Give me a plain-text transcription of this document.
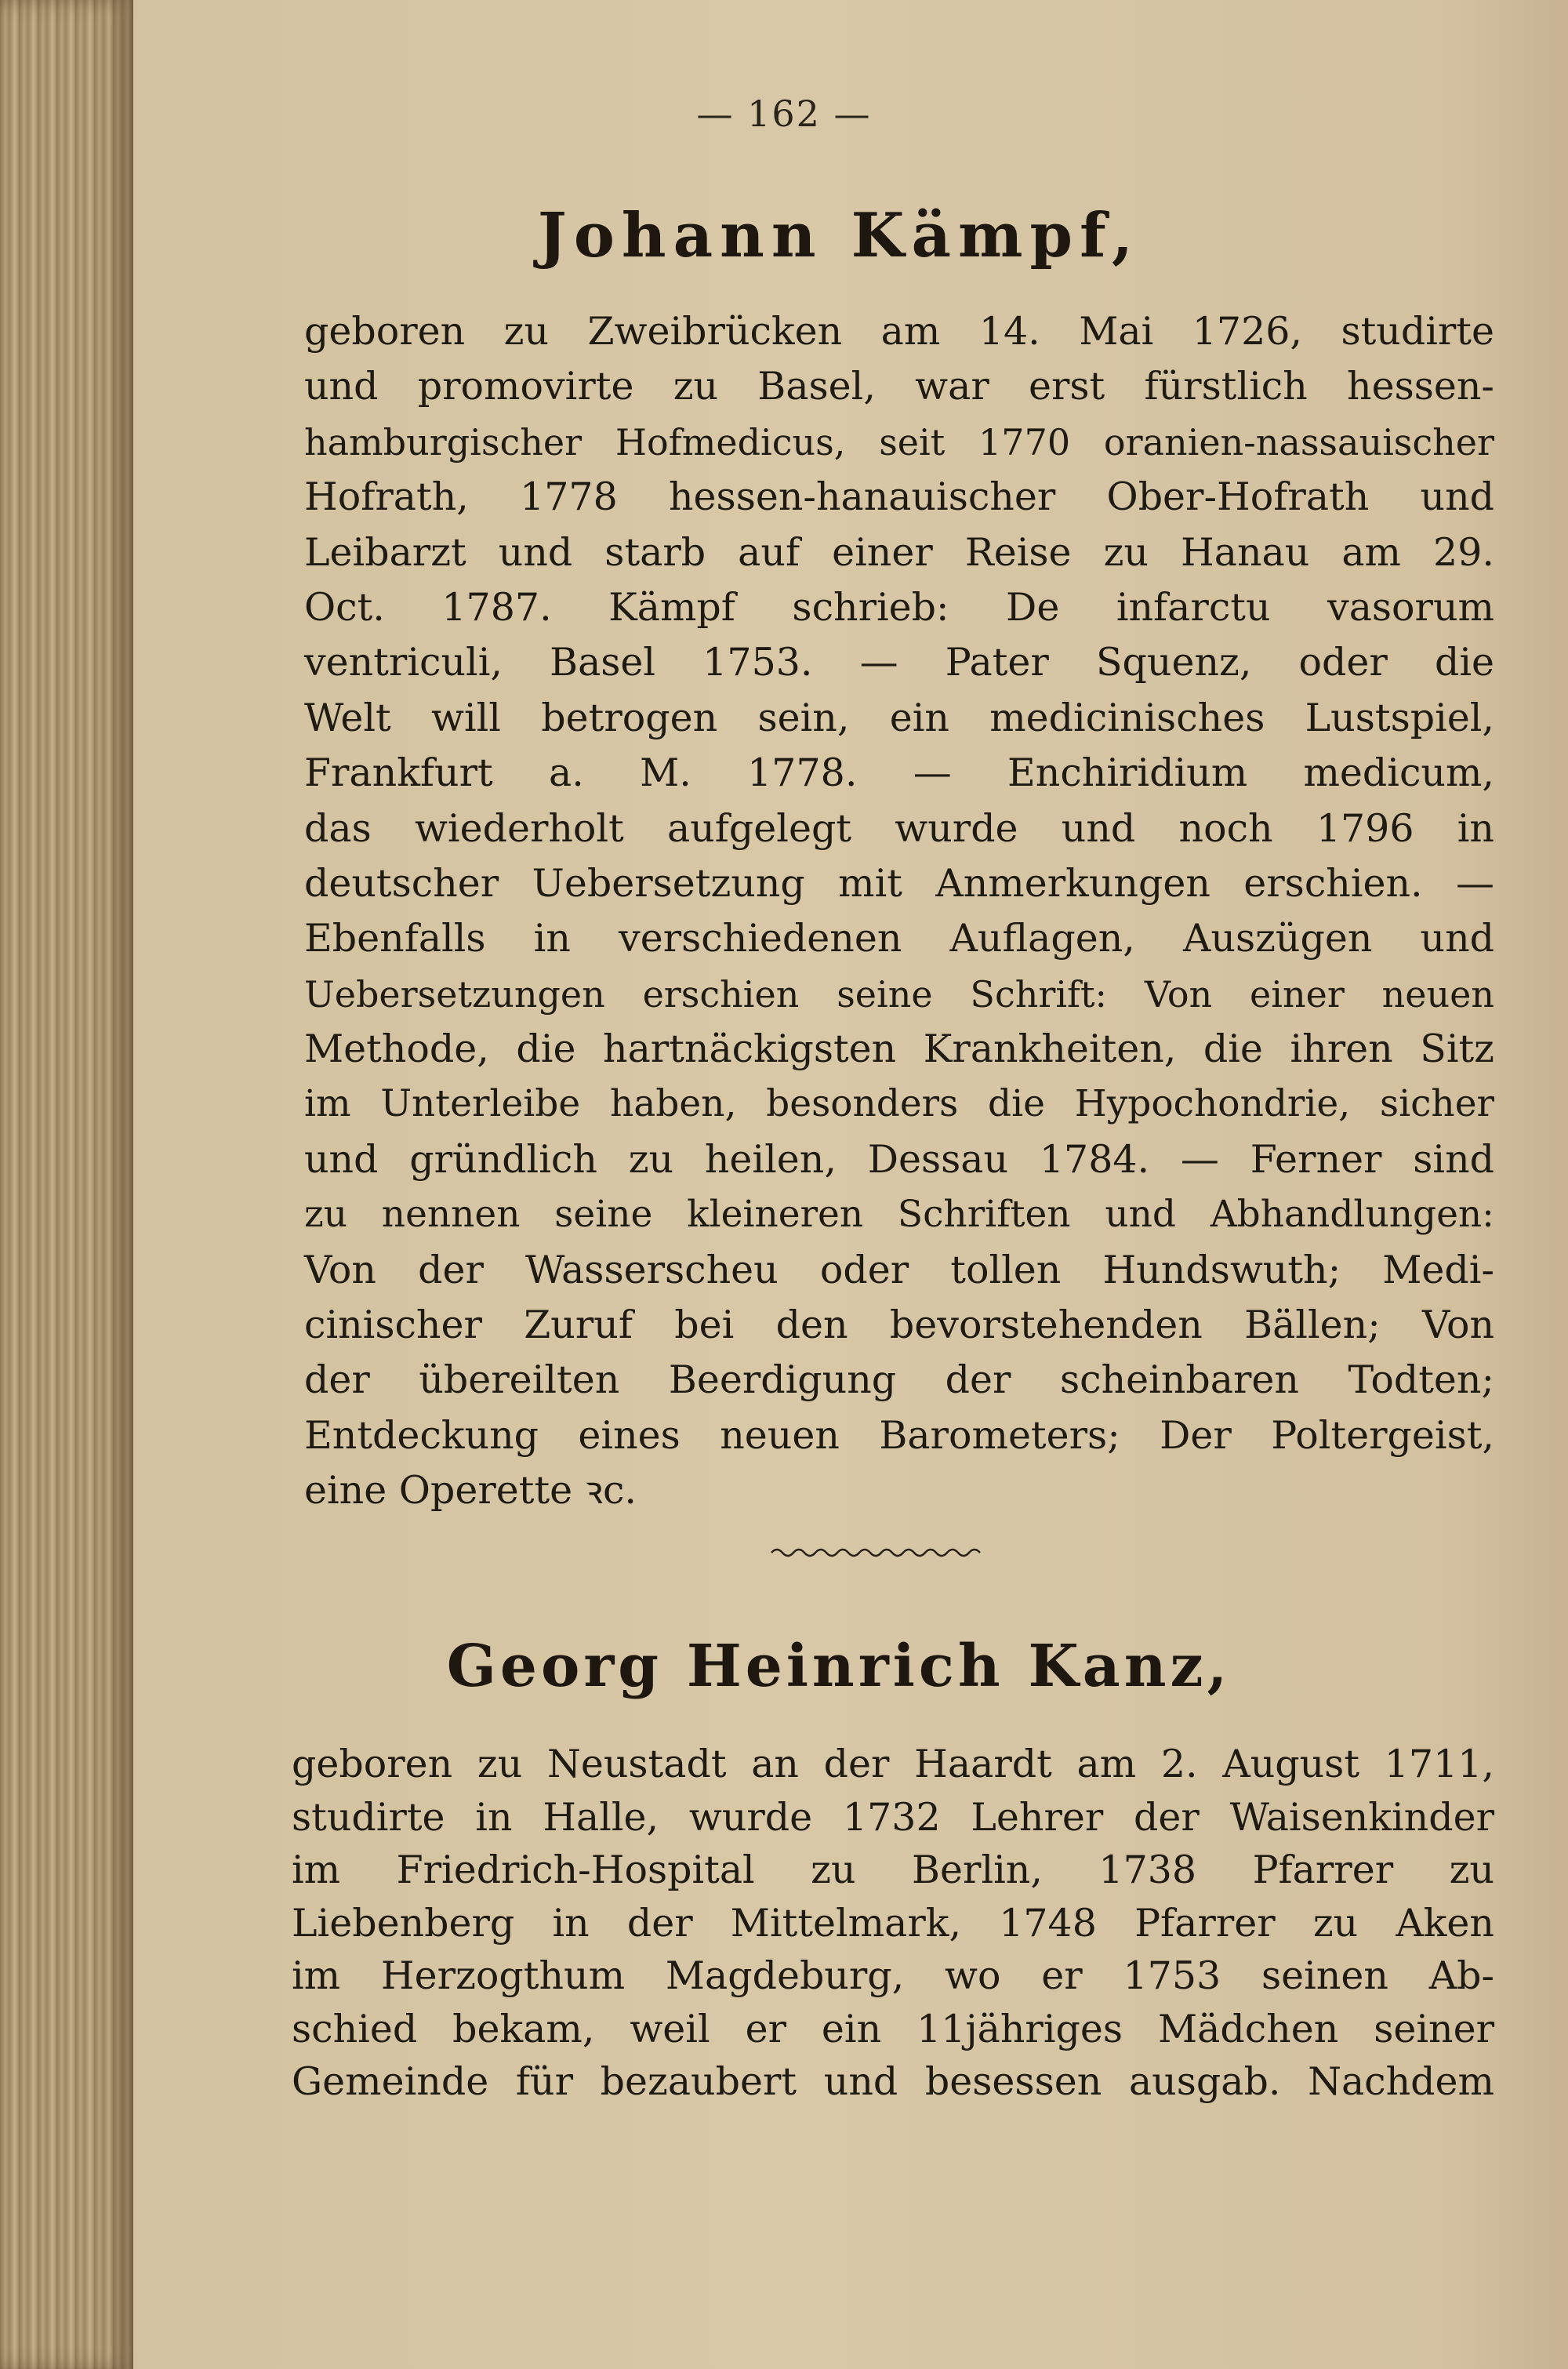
— 162 —
Johann Kämpf,
geboren zu Zweibrücken am 14. Mai 1726, studirte
und promovirte zu Basel, war erst fürstlich hessen-
hamburgischer Hofmedicus, seit 1770 oranien-nassauischer
Hofrath, 1778 hessen-hanauischer Ober-Hofrath und
Leibarzt und starb auf einer Reise zu Hanau am 29.
Oct. 1787. Kämpf schrieb: De infarctu vasorum
ventriculi, Basel 1753. — Pater Squenz, oder die
Welt will betrogen sein, ein medicinisches Lustspiel,
Frankfurt a. M. 1778. — Enchiridium medicum,
das wiederholt aufgelegt wurde und noch 1796 in
deutscher Uebersetzung mit Anmerkungen erschien. —
Ebenfalls in verschiedenen Auflagen, Auszügen und
Uebersetzungen erschien seine Schrift: Von einer neuen
Methode, die hartnäckigsten Krankheiten, die ihren Sitz
im Unterleibe haben, besonders die Hypochondrie, sicher
und gründlich zu heilen, Dessau 1784. — Ferner sind
zu nennen seine kleineren Schriften und Abhandlungen:
Von der Wasserscheu oder tollen Hundswuth; Medi-
cinischer Zuruf bei den bevorstehenden Bällen; Von
der übereilten Beerdigung der scheinbaren Todten;
Entdeckung eines neuen Barometers; Der Poltergeist,
eine Operette ꝛc.
Georg Heinrich Kanz,
geboren zu Neustadt an der Haardt am 2. August 1711,
studirte in Halle, wurde 1732 Lehrer der Waisenkinder
im Friedrich-Hospital zu Berlin, 1738 Pfarrer zu
Liebenberg in der Mittelmark, 1748 Pfarrer zu Aken
im Herzogthum Magdeburg, wo er 1753 seinen Ab-
schied bekam, weil er ein 11jähriges Mädchen seiner
Gemeinde für bezaubert und besessen ausgab. Nachdem
